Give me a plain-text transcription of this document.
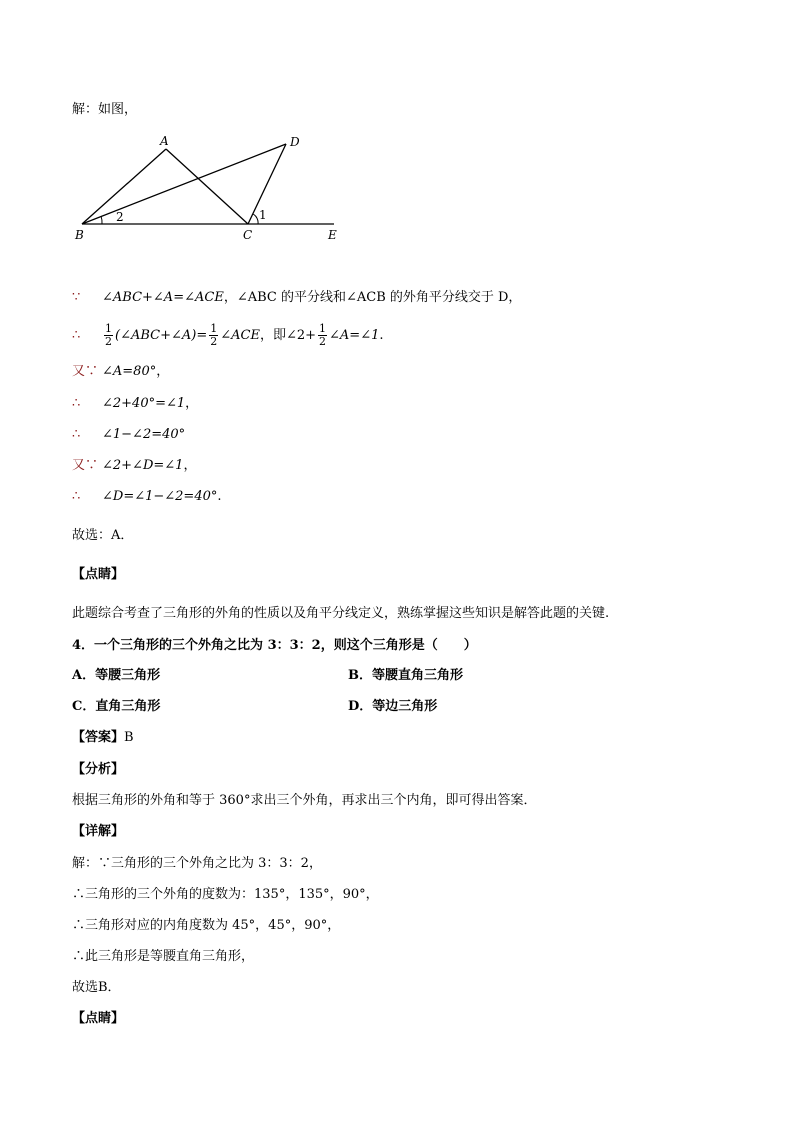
解：如图，
A	D
B	C	E
1
2
∵ ∠ABC+∠A=∠ACE，∠ABC 的平分线和∠ACB 的外角平分线交于 D，
∴ $\frac{1}{2}$ (∠ABC+∠A)= $\frac{1}{2}$ ∠ACE，即∠2+ $\frac{1}{2}$ ∠A=∠1.
又∵ ∠A=80°，
∴ ∠2+40°=∠1，
∴ ∠1−∠2=40°
又∵ ∠2+∠D=∠1，
∴ ∠D=∠1−∠2=40°.
故选：A．
【点睛】
此题综合考查了三角形的外角的性质以及角平分线定义，熟练掌握这些知识是解答此题的关键.
4．一个三角形的三个外角之比为 3：3：2，则这个三角形是（　　）
A．等腰三角形	B．等腰直角三角形
C．直角三角形	D．等边三角形
【答案】B
【分析】
根据三角形的外角和等于 360°求出三个外角，再求出三个内角，即可得出答案．
【详解】
解：∵三角形的三个外角之比为 3：3：2，
∴三角形的三个外角的度数为：135°，135°，90°，
∴三角形对应的内角度数为 45°，45°，90°，
∴此三角形是等腰直角三角形，
故选B．
【点睛】
